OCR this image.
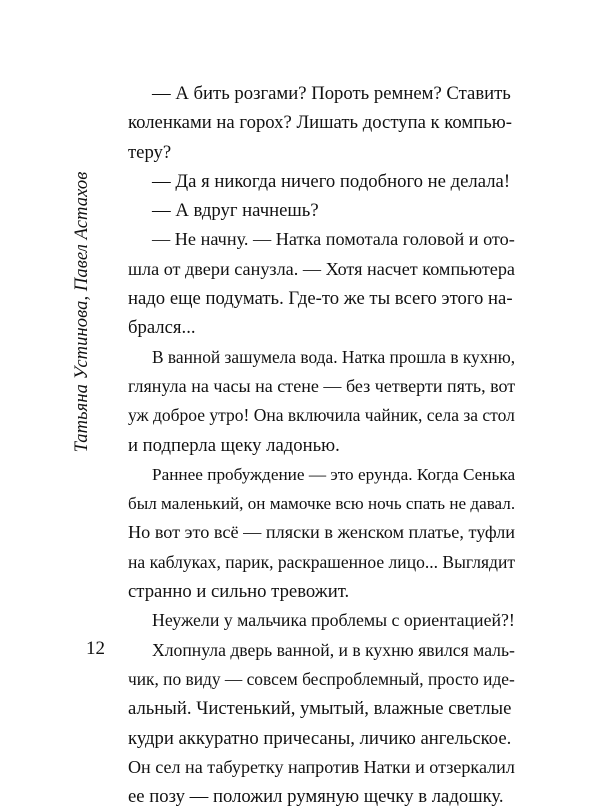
Татьяна Устинова, Павел Астахов

— А бить розгами? Пороть ремнем? Ставить
коленками на горох? Лишать доступа к компью-
теру?

— Да я никогда ничего подобного не делала!

— А вдруг начнешь?

— Не начну. — Натка помотала головой и ото-
шла от двери санузла. — Хотя насчет компьютера
надо еще подумать. Где-то же ты всего этого на-
брался...

В ванной зашумела вода. Натка прошла в кухню,
глянула на часы на стене — без четверти пять, вот
уж доброе утро! Она включила чайник, села за стол
и подперла щеку ладонью.

Раннее пробуждение — это ерунда. Когда Сенька
был маленький, он мамочке всю ночь спать не давал.
Но вот это всё — пляски в женском платье, туфли
на каблуках, парик, раскрашенное лицо... Выглядит
странно и сильно тревожит.

Неужели у мальчика проблемы с ориентацией?!

Хлопнула дверь ванной, и в кухню явился маль-
чик, по виду — совсем беспроблемный, просто иде-
альный. Чистенький, умытый, влажные светлые
кудри аккуратно причесаны, личико ангельское.
Он сел на табуретку напротив Натки и отзеркалил
ее позу — положил румяную щечку в ладошку.

12
